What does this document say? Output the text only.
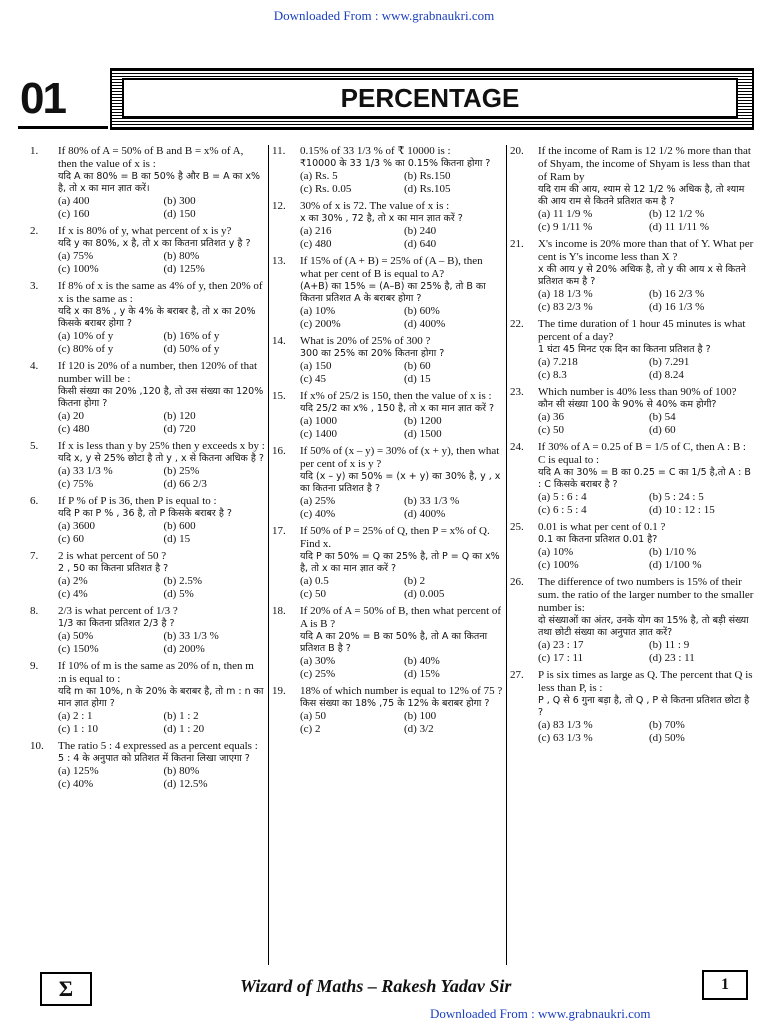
Downloaded From : www.grabnaukri.com
01	PERCENTAGE
1.	If 80% of A = 50% of B and B = x% of A, then the value of x is :
यदि A का 80% = B का 50% है और B = A का x% है, तो x का मान ज्ञात करें।
(a) 400	(b) 300
(c) 160	(d) 150
2.	If x is 80% of y, what percent of x is y?
यदि y का 80%, x है, तो x का कितना प्रतिशत y है ?
(a) 75%	(b) 80%
(c) 100%	(d) 125%
3.	If 8% of x is the same as 4% of y, then 20% of x is the same as :
यदि x का 8% , y के 4% के बराबर है, तो x का 20% किसके बराबर होगा ?
(a) 10% of y	(b) 16% of y
(c) 80% of y	(d) 50% of y
4.	If 120 is 20% of a number, then 120% of that number will be :
किसी संख्या का 20% ,120 है, तो उस संख्या का 120% कितना होगा ?
(a) 20	(b) 120
(c) 480	(d) 720
5.	If x is less than y by 25% then y exceeds x by :
यदि x, y से 25% छोटा है तो y , x से कितना अधिक है ?
(a) 33 1/3 %	(b) 25%
(c) 75%	(d) 66 2/3
6.	If P % of P is 36, then P is equal to :
यदि P का P % , 36 है, तो P किसके बराबर है ?
(a) 3600	(b) 600
(c) 60	(d) 15
7.	2 is what percent of 50 ?
2 , 50 का कितना प्रतिशत है ?
(a) 2%	(b) 2.5%
(c) 4%	(d) 5%
8.	2/3 is what percent of 1/3 ?
1/3 का कितना प्रतिशत 2/3 है ?
(a) 50%	(b) 33 1/3 %
(c) 150%	(d) 200%
9.	If 10% of m is the same as 20% of n, then m :n is equal to :
यदि m का 10%, n के 20% के बराबर है, तो m : n का मान ज्ञात होगा ?
(a) 2 : 1	(b) 1 : 2
(c) 1 : 10	(d) 1 : 20
10.	The ratio 5 : 4 expressed as a percent equals :
5 : 4 के अनुपात को प्रतिशत में कितना लिखा जाएगा ?
(a) 125%	(b) 80%
(c) 40%	(d) 12.5%
11.	0.15% of 33 1/3 % of ₹ 10000 is :
₹10000 के 33 1/3 % का 0.15% कितना होगा ?
(a) Rs. 5	(b) Rs.150
(c) Rs. 0.05	(d) Rs.105
12.	30% of x is 72. The value of x is :
x का 30% , 72 है, तो x का मान ज्ञात करें ?
(a) 216	(b) 240
(c) 480	(d) 640
13.	If 15% of (A + B) = 25% of (A – B), then what per cent of B is equal to A?
(A+B) का 15% = (A–B) का 25% है, तो B का कितना प्रतिशत A के बराबर होगा ?
(a) 10%	(b) 60%
(c) 200%	(d) 400%
14.	What is 20% of 25% of 300 ?
300 का 25% का 20% कितना होगा ?
(a) 150	(b) 60
(c) 45	(d) 15
15.	If x% of 25/2 is 150, then the value of x is :
यदि 25/2 का x% , 150 है, तो x का मान ज्ञात करें ?
(a) 1000	(b) 1200
(c) 1400	(d) 1500
16.	If 50% of (x – y) = 30% of (x + y), then what per cent of x is y ?
यदि (x – y) का 50% = (x + y) का 30% है, y , x का कितना प्रतिशत है ?
(a) 25%	(b) 33 1/3 %
(c) 40%	(d) 400%
17.	If 50% of P = 25% of Q, then P = x% of Q. Find x.
यदि P का 50% = Q का 25% है, तो P = Q का x% है, तो x का मान ज्ञात करें ?
(a) 0.5	(b) 2
(c) 50	(d) 0.005
18.	If 20% of A = 50% of B, then what percent of A is B ?
यदि A का 20% = B का 50% है, तो A का कितना प्रतिशत B है ?
(a) 30%	(b) 40%
(c) 25%	(d) 15%
19.	18% of which number is equal to 12% of 75 ?
किस संख्या का 18% ,75 के 12% के बराबर होगा ?
(a) 50	(b) 100
(c) 2	(d) 3/2
20.	If the income of Ram is 12 1/2 % more than that of Shyam, the income of Shyam is less than that of Ram by
यदि राम की आय, श्याम से 12 1/2 % अधिक है, तो श्याम की आय राम से कितने प्रतिशत कम है ?
(a) 11 1/9 %	(b) 12 1/2 %
(c) 9 1/11 %	(d) 11 1/11 %
21.	X's income is 20% more than that of Y. What per cent is Y's income less than X ?
x की आय y से 20% अधिक है, तो y की आय x से कितने प्रतिशत कम है ?
(a) 18 1/3 %	(b) 16 2/3 %
(c) 83 2/3 %	(d) 16 1/3 %
22.	The time duration of 1 hour 45 minutes is what percent of a day?
1 घंटा 45 मिनट एक दिन का कितना प्रतिशत है ?
(a) 7.218	(b) 7.291
(c) 8.3	(d) 8.24
23.	Which number is 40% less than 90% of 100?
कौन सी संख्या 100 के 90% से 40% कम होगी?
(a) 36	(b) 54
(c) 50	(d) 60
24.	If 30% of A = 0.25 of B = 1/5 of C, then A : B : C is equal to :
यदि A का 30% = B का 0.25 = C का 1/5 है,तो A : B : C किसके बराबर है ?
(a) 5 : 6 : 4	(b) 5 : 24 : 5
(c) 6 : 5 : 4	(d) 10 : 12 : 15
25.	0.01 is what per cent of 0.1 ?
0.1 का कितना प्रतिशत 0.01 है?
(a) 10%	(b) 1/10 %
(c) 100%	(d) 1/100 %
26.	The difference of two numbers is 15% of their sum. the ratio of the larger number to the smaller number is:
दो संख्याओं का अंतर, उनके योग का 15% है, तो बड़ी संख्या तथा छोटी संख्या का अनुपात ज्ञात करें?
(a) 23 : 17	(b) 11 : 9
(c) 17 : 11	(d) 23 : 11
27.	P is six times as large as Q. The percent that Q is less than P, is :
P , Q से 6 गुना बड़ा है, तो Q , P से कितना प्रतिशत छोटा है ?
(a) 83 1/3 %	(b) 70%
(c) 63 1/3 %	(d) 50%
Σ	Wizard of Maths – Rakesh Yadav Sir	1
Downloaded From : www.grabnaukri.com
